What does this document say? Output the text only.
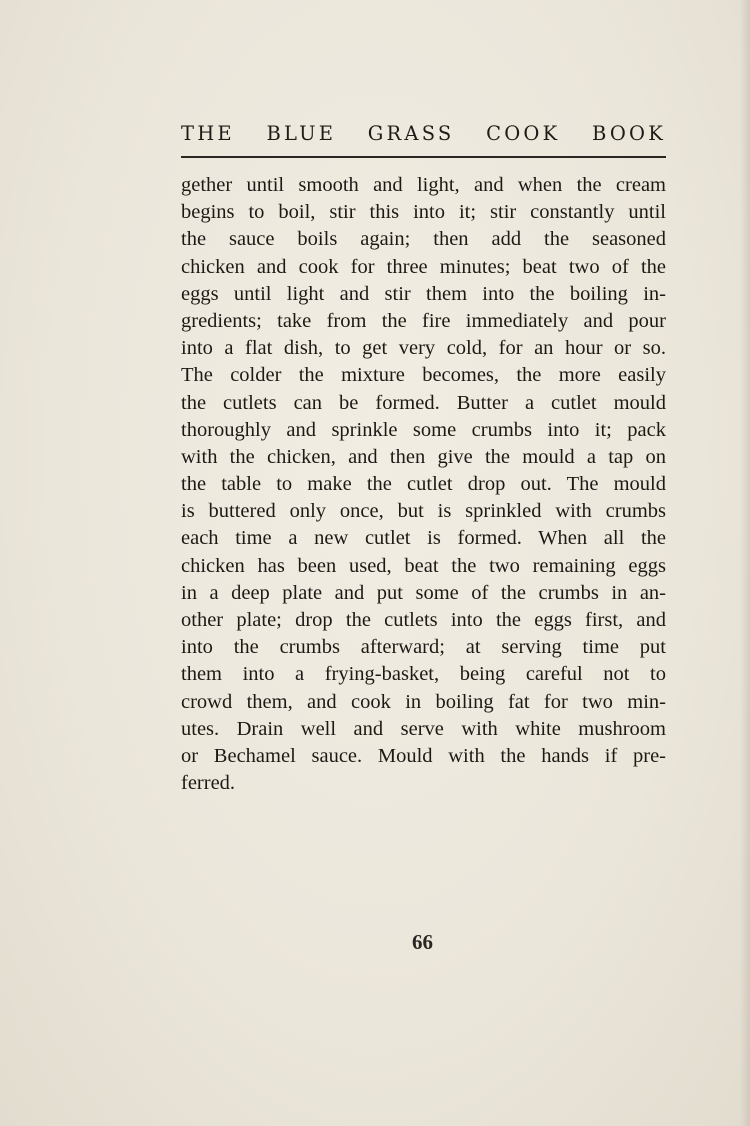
THE BLUE GRASS COOK BOOK
gether until smooth and light, and when the cream
begins to boil, stir this into it; stir constantly until
the sauce boils again; then add the seasoned
chicken and cook for three minutes; beat two of the
eggs until light and stir them into the boiling in-
gredients; take from the fire immediately and pour
into a flat dish, to get very cold, for an hour or so.
The colder the mixture becomes, the more easily
the cutlets can be formed. Butter a cutlet mould
thoroughly and sprinkle some crumbs into it; pack
with the chicken, and then give the mould a tap on
the table to make the cutlet drop out. The mould
is buttered only once, but is sprinkled with crumbs
each time a new cutlet is formed. When all the
chicken has been used, beat the two remaining eggs
in a deep plate and put some of the crumbs in an-
other plate; drop the cutlets into the eggs first, and
into the crumbs afterward; at serving time put
them into a frying-basket, being careful not to
crowd them, and cook in boiling fat for two min-
utes. Drain well and serve with white mushroom
or Bechamel sauce. Mould with the hands if pre-
ferred.

66
